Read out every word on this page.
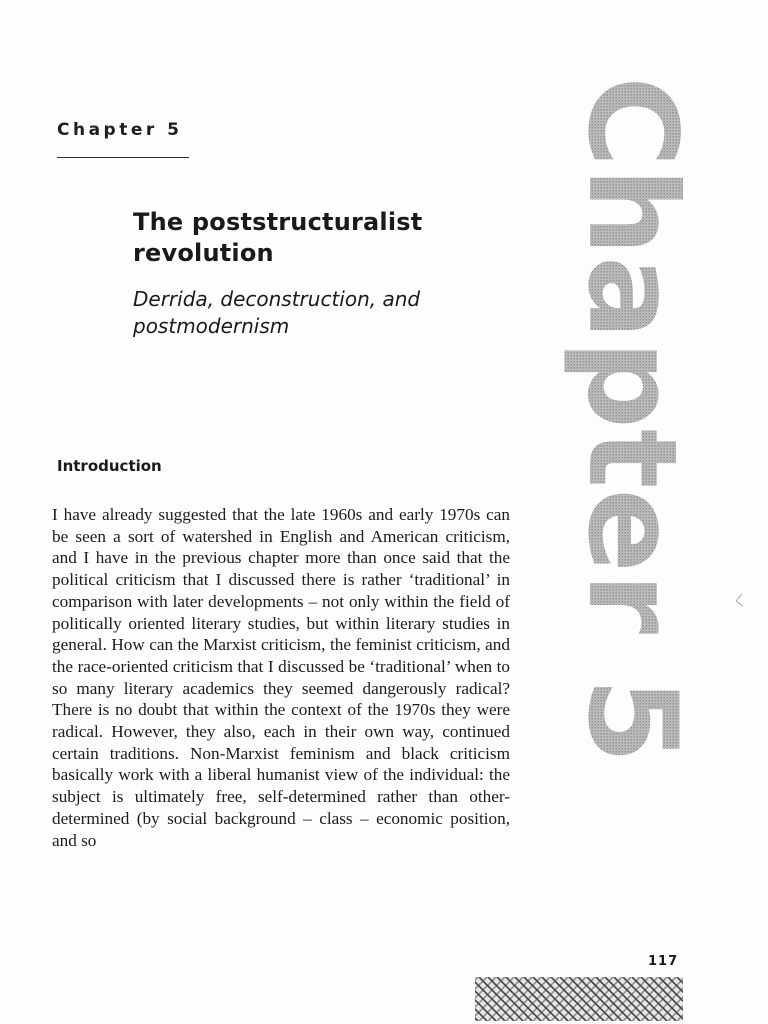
Chapter 5
The poststructuralist revolution
Derrida, deconstruction, and postmodernism
Introduction

I have already suggested that the late 1960s and early 1970s can be seen a sort of watershed in English and American criticism, and I have in the previous chapter more than once said that the political criticism that I discussed there is rather ‘traditional’ in comparison with later developments – not only within the field of politically oriented literary studies, but within literary studies in general. How can the Marxist criticism, the feminist criticism, and the race-oriented criticism that I discussed be ‘traditional’ when to so many literary academics they seemed dangerously radical? There is no doubt that within the context of the 1970s they were radical. However, they also, each in their own way, continued certain traditions. Non-Marxist feminism and black criticism basically work with a liberal humanist view of the individual: the subject is ultimately free, self-determined rather than other-determined (by social background – class – economic position, and so

Chapter 5
117
